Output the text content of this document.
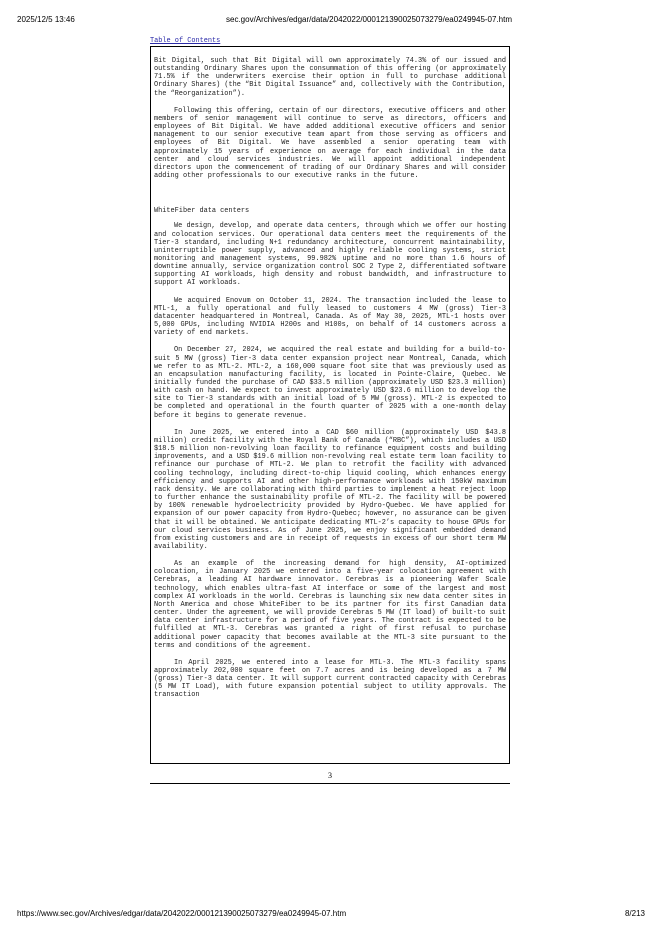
2025/12/5 13:46	sec.gov/Archives/edgar/data/2042022/000121390025073279/ea0249945-07.htm
Table of Contents

Bit Digital, such that Bit Digital will own approximately 74.3% of our issued and outstanding Ordinary Shares upon the consummation of this offering (or approximately 71.5% if the underwriters exercise their option in full to purchase additional Ordinary Shares) (the “Bit Digital Issuance” and, collectively with the Contribution, the “Reorganization”).

Following this offering, certain of our directors, executive officers and other members of senior management will continue to serve as directors, officers and employees of Bit Digital. We have added additional executive officers and senior management to our senior executive team apart from those serving as officers and employees of Bit Digital. We have assembled a senior operating team with approximately 15 years of experience on average for each individual in the data center and cloud services industries. We will appoint additional independent directors upon the commencement of trading of our Ordinary Shares and will consider adding other professionals to our executive ranks in the future.

WhiteFiber data centers

We design, develop, and operate data centers, through which we offer our hosting and colocation services. Our operational data centers meet the requirements of the Tier-3 standard, including N+1 redundancy architecture, concurrent maintainability, uninterruptible power supply, advanced and highly reliable cooling systems, strict monitoring and management systems, 99.982% uptime and no more than 1.6 hours of downtime annually, service organization control SOC 2 Type 2, differentiated software supporting AI workloads, high density and robust bandwidth, and infrastructure to support AI workloads.

We acquired Enovum on October 11, 2024. The transaction included the lease to MTL-1, a fully operational and fully leased to customers 4 MW (gross) Tier-3 datacenter headquartered in Montreal, Canada. As of May 30, 2025, MTL-1 hosts over 5,000 GPUs, including NVIDIA H200s and H100s, on behalf of 14 customers across a variety of end markets.

On December 27, 2024, we acquired the real estate and building for a build-to-suit 5 MW (gross) Tier-3 data center expansion project near Montreal, Canada, which we refer to as MTL-2. MTL-2, a 160,000 square foot site that was previously used as an encapsulation manufacturing facility, is located in Pointe-Claire, Quebec. We initially funded the purchase of CAD $33.5 million (approximately USD $23.3 million) with cash on hand. We expect to invest approximately USD $23.6 million to develop the site to Tier-3 standards with an initial load of 5 MW (gross). MTL-2 is expected to be completed and operational in the fourth quarter of 2025 with a one-month delay before it begins to generate revenue.

In June 2025, we entered into a CAD $60 million (approximately USD $43.8 million) credit facility with the Royal Bank of Canada (“RBC”), which includes a USD $18.5 million non-revolving loan facility to refinance equipment costs and building improvements, and a USD $19.6 million non-revolving real estate term loan facility to refinance our purchase of MTL-2. We plan to retrofit the facility with advanced cooling technology, including direct-to-chip liquid cooling, which enhances energy efficiency and supports AI and other high-performance workloads with 150kW maximum rack density. We are collaborating with third parties to implement a heat reject loop to further enhance the sustainability profile of MTL-2. The facility will be powered by 100% renewable hydroelectricity provided by Hydro-Quebec. We have applied for expansion of our power capacity from Hydro-Quebec; however, no assurance can be given that it will be obtained. We anticipate dedicating MTL-2’s capacity to house GPUs for our cloud services business. As of June 2025, we enjoy significant embedded demand from existing customers and are in receipt of requests in excess of our short term MW availability.

As an example of the increasing demand for high density, AI-optimized colocation, in January 2025 we entered into a five-year colocation agreement with Cerebras, a leading AI hardware innovator. Cerebras is a pioneering Wafer Scale technology, which enables ultra-fast AI interface or some of the largest and most complex AI workloads in the world. Cerebras is launching six new data center sites in North America and chose WhiteFiber to be its partner for its first Canadian data center. Under the agreement, we will provide Cerebras 5 MW (IT load) of built-to suit data center infrastructure for a period of five years. The contract is expected to be fulfilled at MTL-3. Cerebras was granted a right of first refusal to purchase additional power capacity that becomes available at the MTL-3 site pursuant to the terms and conditions of the agreement.

In April 2025, we entered into a lease for MTL-3. The MTL-3 facility spans approximately 202,000 square feet on 7.7 acres and is being developed as a 7 MW (gross) Tier-3 data center. It will support current contracted capacity with Cerebras (5 MW IT Load), with future expansion potential subject to utility approvals. The transaction

3
https://www.sec.gov/Archives/edgar/data/2042022/000121390025073279/ea0249945-07.htm	8/213
